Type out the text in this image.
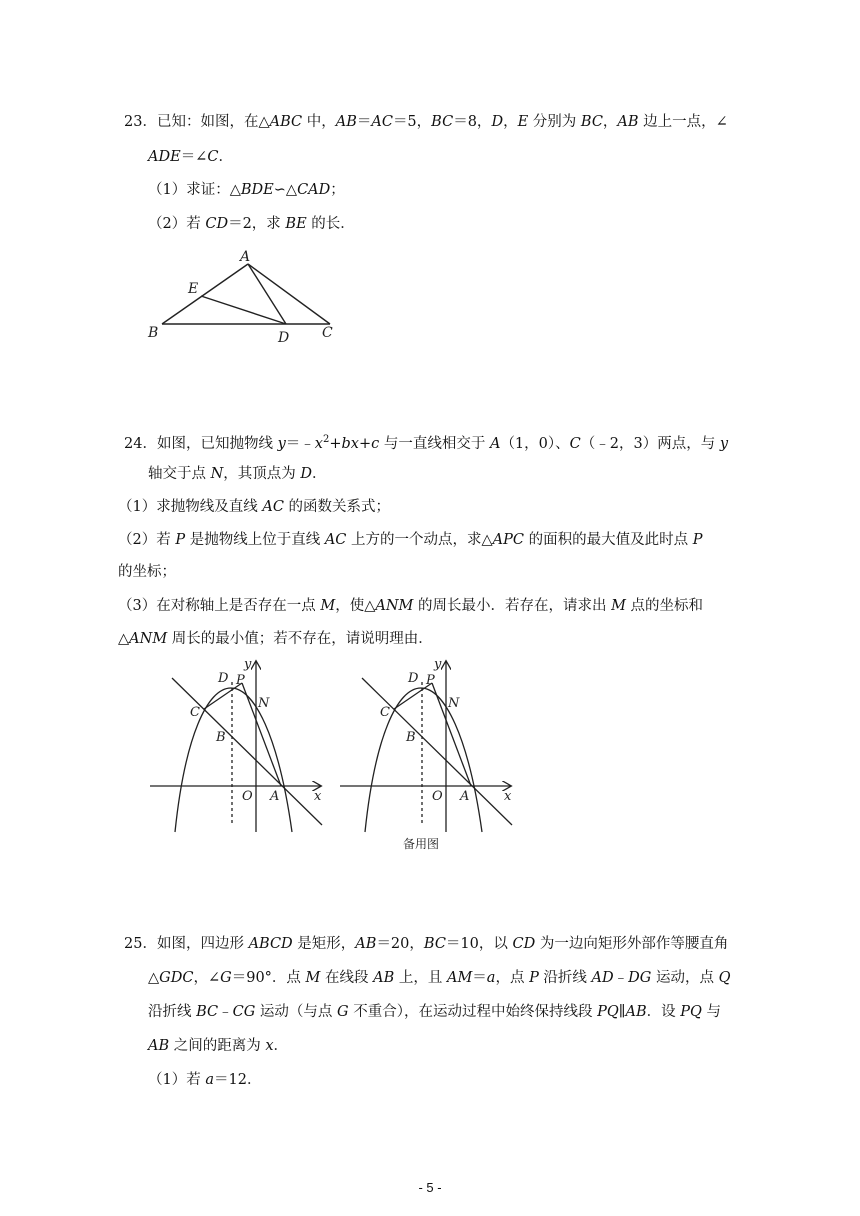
23．已知：如图，在△ABC 中，AB＝AC＝5，BC＝8，D，E 分别为 BC，AB 边上一点，∠
ADE＝∠C．
（1）求证：△BDE∽△CAD；
（2）若 CD＝2，求 BE 的长．
A
E
B	D C
24．如图，已知抛物线 $y=﹣x^2+bx+c$ 与一直线相交于 A（1，0）、C（﹣2，3）两点，与 y
轴交于点 N，其顶点为 D．
（1）求抛物线及直线 AC 的函数关系式；
（2）若 P 是抛物线上位于直线 AC 上方的一个动点，求△APC 的面积的最大值及此时点 P
的坐标；
（3）在对称轴上是否存在一点 M，使△ANM 的周长最小．若存在，请求出 M 点的坐标和
△ANM 周长的最小值；若不存在，请说明理由．
y
D P
N
C
B
O A	x
y
D P
N
C
B
O A	x
备用图
25．如图，四边形 ABCD 是矩形，AB＝20，BC＝10，以 CD 为一边向矩形外部作等腰直角
△GDC，∠G＝90°．点 M 在线段 AB 上，且 AM＝a，点 P 沿折线 AD﹣DG 运动，点 Q
沿折线 BC﹣CG 运动（与点 G 不重合），在运动过程中始终保持线段 PQ∥AB．设 PQ 与
AB 之间的距离为 x．
（1）若 a＝12．
- 5 -
